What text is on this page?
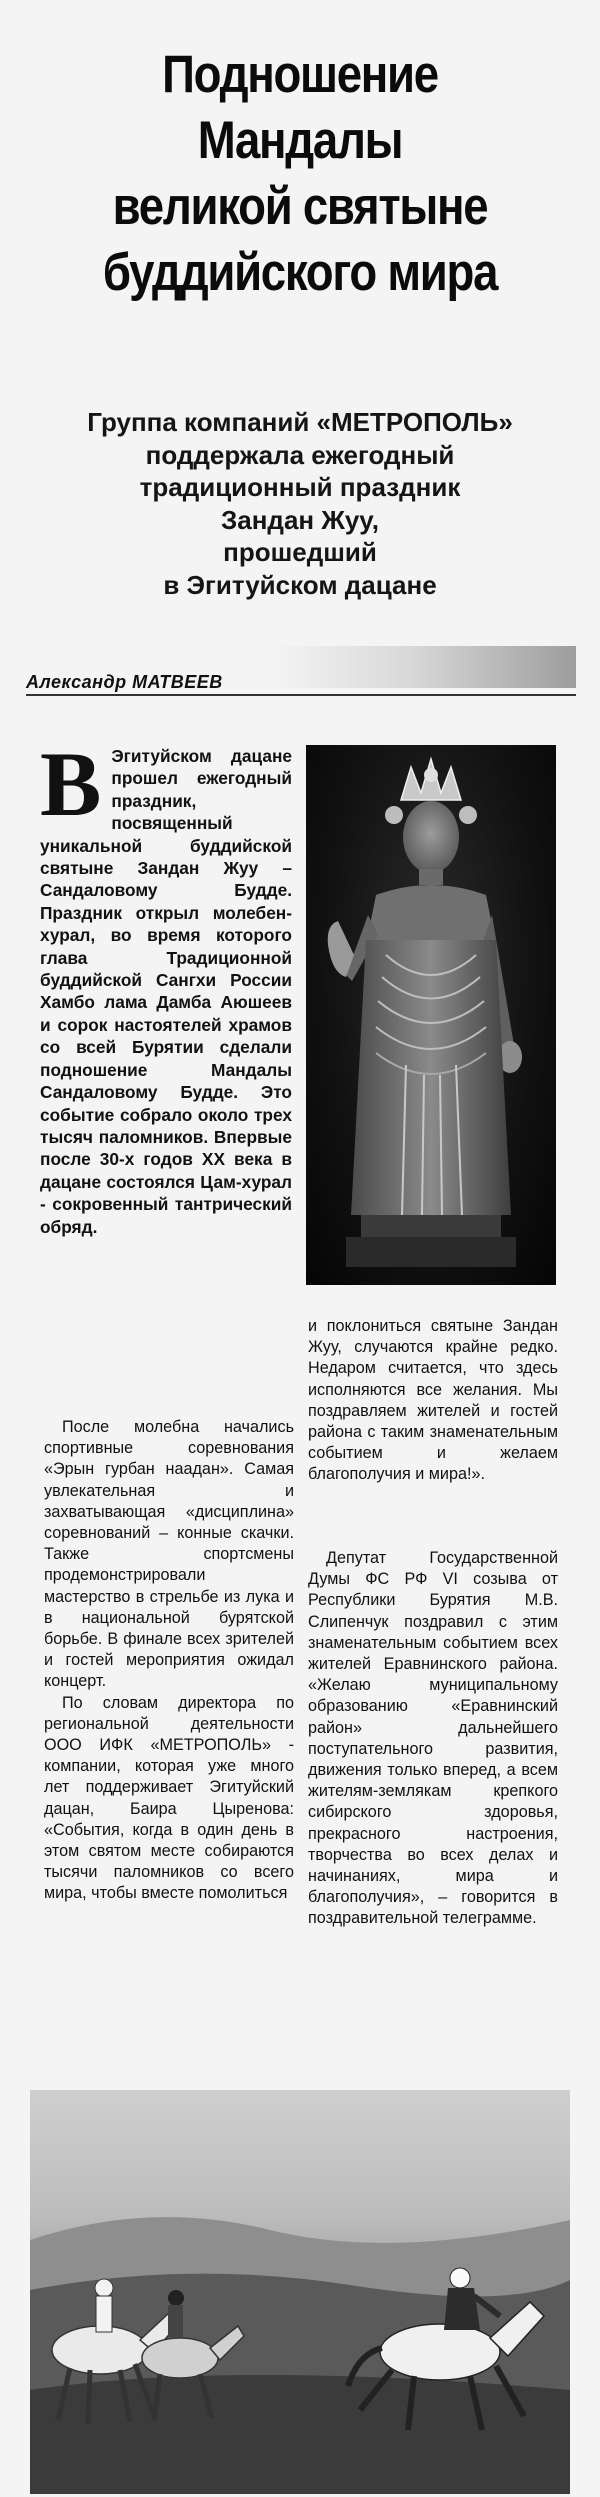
Подношение
Мандалы
великой святыне
буддийского мира
Группа компаний «МЕТРОПОЛЬ»
поддержала ежегодный
традиционный праздник
Зандан Жуу,
прошедший
в Эгитуйском дацане
Александр МАТВЕЕВ
В Эгитуйском дацане прошел ежегодный праздник, посвященный уникальной буддийской святыне Зандан Жуу – Сандаловому Будде. Праздник открыл молебен-хурал, во время которого глава Традиционной буддийской Сангхи России Хамбо лама Дамба Аюшеев и сорок настоятелей храмов со всей Бурятии сделали подношение Мандалы Сандаловому Будде. Это событие собрало около трех тысяч паломников. Впервые после 30-х годов XX века в дацане состоялся Цам-хурал - сокровенный тантрический обряд.

и поклониться святыне Зандан Жуу, случаются крайне редко. Недаром считается, что здесь исполняются все желания. Мы поздравляем жителей и гостей района с таким знаменательным событием и желаем благополучия и мира!».

После молебна начались спортивные соревнования «Эрын гурбан наадан». Самая увлекательная и захватывающая «дисциплина» соревнований – конные скачки. Также спортсмены продемонстрировали мастерство в стрельбе из лука и в национальной бурятской борьбе. В финале всех зрителей и гостей мероприятия ожидал концерт.

По словам директора по региональной деятельности ООО ИФК «МЕТРОПОЛЬ» - компании, которая уже много лет поддерживает Эгитуйский дацан, Баира Цыренова: «События, когда в один день в этом святом месте собираются тысячи паломников со всего мира, чтобы вместе помолиться

Депутат Государственной Думы ФС РФ VI созыва от Республики Бурятия М.В. Слипенчук поздравил с этим знаменательным событием всех жителей Еравнинского района. «Желаю муниципальному образованию «Еравнинский район» дальнейшего поступательного развития, движения только вперед, а всем жителям-землякам крепкого сибирского здоровья, прекрасного настроения, творчества во всех делах и начинаниях, мира и благополучия», – говорится в поздравительной телеграмме.
